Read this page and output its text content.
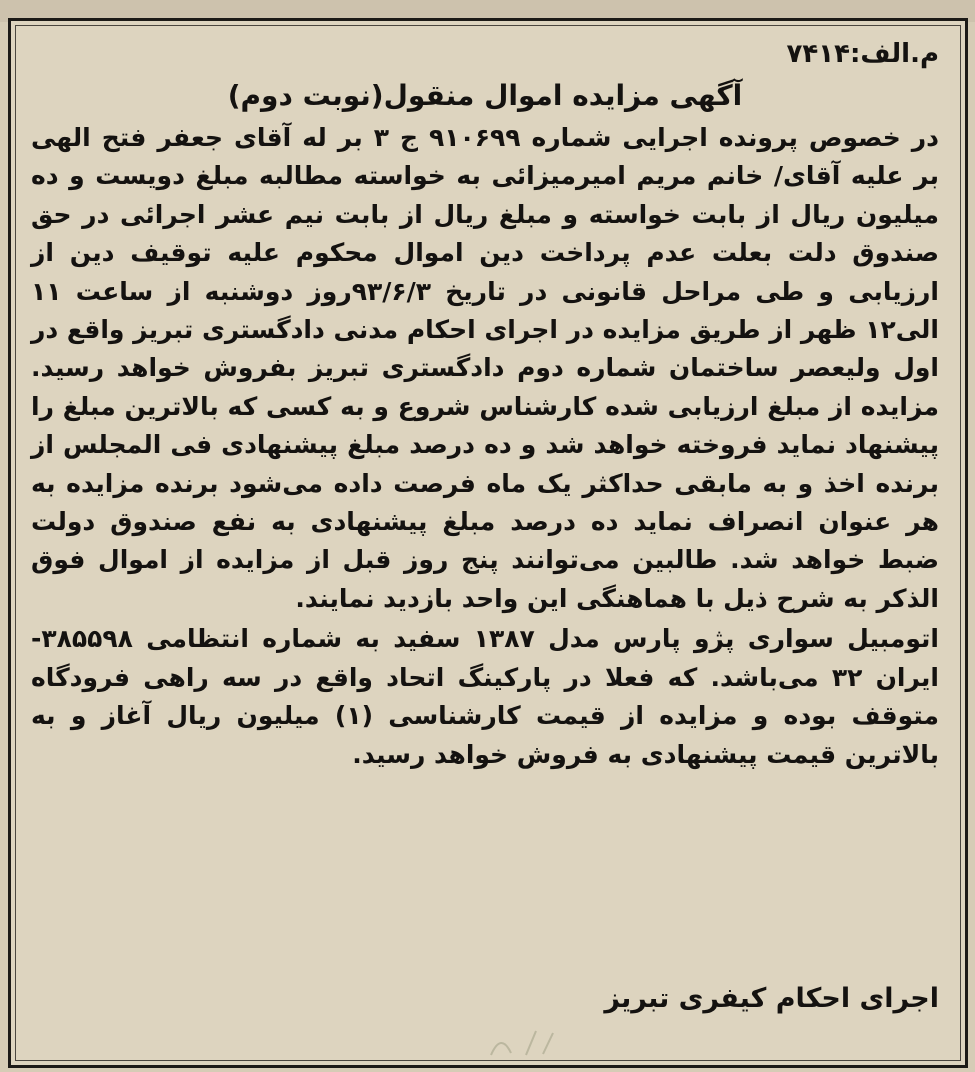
م.الف:۷۴۱۴
آگهی مزایده اموال منقول(نوبت دوم)

در خصوص پرونده اجرایی شماره ۹۱۰۶۹۹ ج ۳ بر له آقای جعفر فتح الهی بر علیه آقای/ خانم مریم امیرمیزائی به خواسته مطالبه مبلغ دویست و ده میلیون ریال از بابت خواسته و مبلغ ریال از بابت نیم عشر اجرائی در حق صندوق دلت بعلت عدم پرداخت دین اموال محکوم علیه توقیف دین از ارزیابی و طی مراحل قانونی در تاریخ ۹۳/۶/۳روز دوشنبه از ساعت ۱۱ الی۱۲ ظهر از طریق مزایده در اجرای احکام مدنی دادگستری تبریز واقع در اول ولیعصر ساختمان شماره دوم دادگستری تبریز بفروش خواهد رسید. مزایده از مبلغ ارزیابی شده کارشناس شروع و به کسی که بالاترین مبلغ را پیشنهاد نماید فروخته خواهد شد و ده درصد مبلغ پیشنهادی فی المجلس از برنده اخذ و به مابقی حداکثر یک ماه فرصت داده می‌شود برنده مزایده به هر عنوان انصراف نماید ده درصد مبلغ پیشنهادی به نفع صندوق دولت ضبط خواهد شد. طالبین می‌توانند پنج روز قبل از مزایده از اموال فوق الذکر به شرح ذیل با هماهنگی این واحد بازدید نمایند.

اتومبیل سواری پژو پارس مدل ۱۳۸۷ سفید به شماره انتظامی ۳۸۵۵۹۸- ایران ۳۲ می‌باشد. که فعلا در پارکینگ اتحاد واقع در سه راهی فرودگاه متوقف بوده و مزایده از قیمت کارشناسی (۱) میلیون ریال آغاز و به بالاترین قیمت پیشنهادی به فروش خواهد رسید.

اجرای احکام کیفری تبریز
